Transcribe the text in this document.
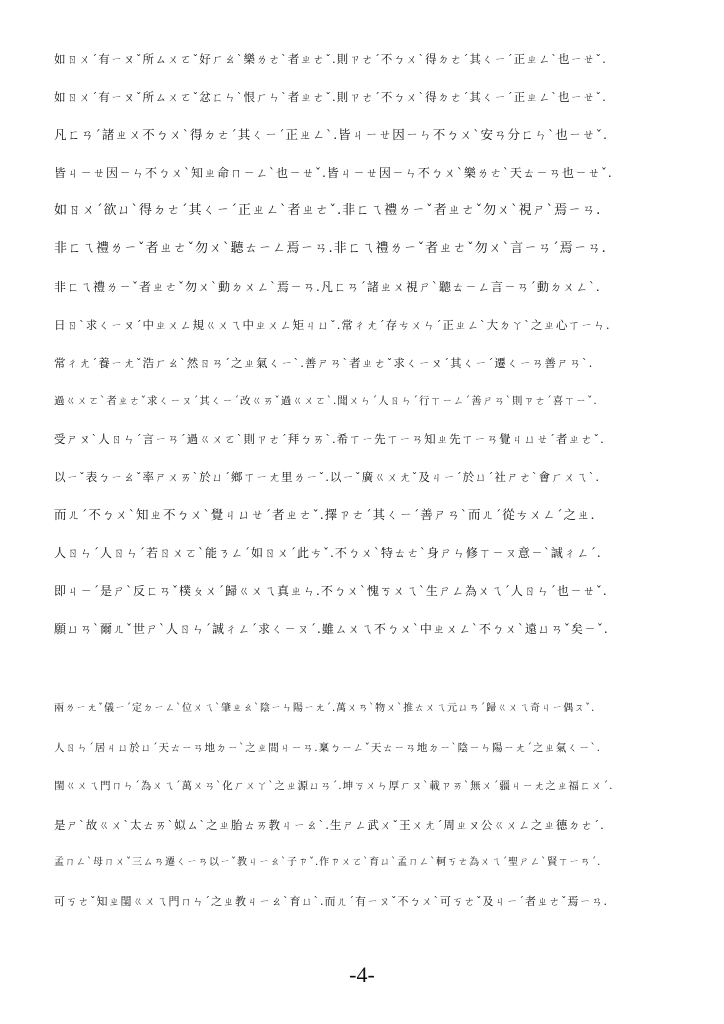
如ㄖㄨˊ有ㄧㄡˇ所ㄙㄨㄛˇ好ㄏㄠˋ樂ㄌㄜˋ者ㄓㄜˇ.則ㄗㄜˊ不ㄅㄨˋ得ㄉㄜˊ其ㄑㄧˊ正ㄓㄥˋ也ㄧㄝˇ.
如ㄖㄨˊ有ㄧㄡˇ所ㄙㄨㄛˇ忿ㄈㄣˋ恨ㄏㄣˋ者ㄓㄜˇ.則ㄗㄜˊ不ㄅㄨˋ得ㄉㄜˊ其ㄑㄧˊ正ㄓㄥˋ也ㄧㄝˇ.
凡ㄈㄢˊ諸ㄓㄨ不ㄅㄨˋ得ㄉㄜˊ其ㄑㄧˊ正ㄓㄥˋ.皆ㄐㄧㄝ因ㄧㄣ不ㄅㄨˋ安ㄢ分ㄈㄣˋ也ㄧㄝˇ.
皆ㄐㄧㄝ因ㄧㄣ不ㄅㄨˋ知ㄓ命ㄇㄧㄥˋ也ㄧㄝˇ.皆ㄐㄧㄝ因ㄧㄣ不ㄅㄨˋ樂ㄌㄜˋ天ㄊㄧㄢ也ㄧㄝˇ.
如ㄖㄨˊ欲ㄩˋ得ㄉㄜˊ其ㄑㄧˊ正ㄓㄥˋ者ㄓㄜˇ.非ㄈㄟ禮ㄌㄧˇ者ㄓㄜˇ勿ㄨˋ視ㄕˋ焉ㄧㄢ.
非ㄈㄟ禮ㄌㄧˇ者ㄓㄜˇ勿ㄨˋ聽ㄊㄧㄥ焉ㄧㄢ.非ㄈㄟ禮ㄌㄧˇ者ㄓㄜˇ勿ㄨˋ言ㄧㄢˊ焉ㄧㄢ.
非ㄈㄟ禮ㄌㄧˇ者ㄓㄜˇ勿ㄨˋ動ㄉㄨㄥˋ焉ㄧㄢ.凡ㄈㄢˊ諸ㄓㄨ視ㄕˋ聽ㄊㄧㄥ言ㄧㄢˊ動ㄉㄨㄥˋ.
日ㄖˋ求ㄑㄧㄡˊ中ㄓㄨㄥ規ㄍㄨㄟ中ㄓㄨㄥ矩ㄐㄩˇ.常ㄔㄤˊ存ㄘㄨㄣˊ正ㄓㄥˋ大ㄉㄚˋ之ㄓ心ㄒㄧㄣ.
常ㄔㄤˊ養ㄧㄤˇ浩ㄏㄠˋ然ㄖㄢˊ之ㄓ氣ㄑㄧˋ.善ㄕㄢˋ者ㄓㄜˇ求ㄑㄧㄡˊ其ㄑㄧˊ遷ㄑㄧㄢ善ㄕㄢˋ.
過ㄍㄨㄛˋ者ㄓㄜˇ求ㄑㄧㄡˊ其ㄑㄧˊ改ㄍㄞˇ過ㄍㄨㄛˋ.聞ㄨㄣˊ人ㄖㄣˊ行ㄒㄧㄥˊ善ㄕㄢˋ則ㄗㄜˊ喜ㄒㄧˇ.
受ㄕㄡˋ人ㄖㄣˊ言ㄧㄢˊ過ㄍㄨㄛˋ則ㄗㄜˊ拜ㄅㄞˋ.希ㄒㄧ先ㄒㄧㄢ知ㄓ先ㄒㄧㄢ覺ㄐㄩㄝˊ者ㄓㄜˇ.
以ㄧˇ表ㄅㄧㄠˇ率ㄕㄨㄞˋ於ㄩˊ鄉ㄒㄧㄤ里ㄌㄧˇ.以ㄧˇ廣ㄍㄨㄤˇ及ㄐㄧˊ於ㄩˊ社ㄕㄜˋ會ㄏㄨㄟˋ.
而ㄦˊ不ㄅㄨˋ知ㄓ不ㄅㄨˋ覺ㄐㄩㄝˊ者ㄓㄜˇ.擇ㄗㄜˊ其ㄑㄧˊ善ㄕㄢˋ而ㄦˊ從ㄘㄨㄥˊ之ㄓ.
人ㄖㄣˊ人ㄖㄣˊ若ㄖㄨㄛˋ能ㄋㄥˊ如ㄖㄨˊ此ㄘˇ.不ㄅㄨˋ特ㄊㄜˋ身ㄕㄣ修ㄒㄧㄡ意ㄧˋ誠ㄔㄥˊ.
即ㄐㄧˊ是ㄕˋ反ㄈㄢˇ樸ㄆㄨˊ歸ㄍㄨㄟ真ㄓㄣ.不ㄅㄨˋ愧ㄎㄨㄟˋ生ㄕㄥ為ㄨㄟˊ人ㄖㄣˊ也ㄧㄝˇ.
願ㄩㄢˋ爾ㄦˇ世ㄕˋ人ㄖㄣˊ誠ㄔㄥˊ求ㄑㄧㄡˊ.雖ㄙㄨㄟ不ㄅㄨˋ中ㄓㄨㄥˋ不ㄅㄨˋ遠ㄩㄢˇ矣ㄧˇ.
兩ㄌㄧㄤˇ儀ㄧˊ定ㄉㄧㄥˋ位ㄨㄟˋ肇ㄓㄠˋ陰ㄧㄣ陽ㄧㄤˊ.萬ㄨㄢˋ物ㄨˋ推ㄊㄨㄟ元ㄩㄢˊ歸ㄍㄨㄟ奇ㄐㄧ偶ㄡˇ.
人ㄖㄣˊ居ㄐㄩ於ㄩˊ天ㄊㄧㄢ地ㄉㄧˋ之ㄓ間ㄐㄧㄢ.稟ㄅㄧㄥˇ天ㄊㄧㄢ地ㄉㄧˋ陰ㄧㄣ陽ㄧㄤˊ之ㄓ氣ㄑㄧˋ.
閨ㄍㄨㄟ門ㄇㄣˊ為ㄨㄟˊ萬ㄨㄢˋ化ㄏㄨㄚˋ之ㄓ源ㄩㄢˊ.坤ㄎㄨㄣ厚ㄏㄡˋ載ㄗㄞˋ無ㄨˊ疆ㄐㄧㄤ之ㄓ福ㄈㄨˊ.
是ㄕˋ故ㄍㄨˋ太ㄊㄞˋ姒ㄙˋ之ㄓ胎ㄊㄞ教ㄐㄧㄠˋ.生ㄕㄥ武ㄨˇ王ㄨㄤˊ周ㄓㄡ公ㄍㄨㄥ之ㄓ德ㄉㄜˊ.
孟ㄇㄥˋ母ㄇㄨˇ三ㄙㄢ遷ㄑㄧㄢ以ㄧˇ教ㄐㄧㄠˋ子ㄗˇ.作ㄗㄨㄛˋ育ㄩˋ孟ㄇㄥˋ軻ㄎㄜ為ㄨㄟˊ聖ㄕㄥˋ賢ㄒㄧㄢˊ.
可ㄎㄜˇ知ㄓ閨ㄍㄨㄟ門ㄇㄣˊ之ㄓ教ㄐㄧㄠˋ育ㄩˋ.而ㄦˊ有ㄧㄡˇ不ㄅㄨˋ可ㄎㄜˇ及ㄐㄧˊ者ㄓㄜˇ焉ㄧㄢ.
-4-
